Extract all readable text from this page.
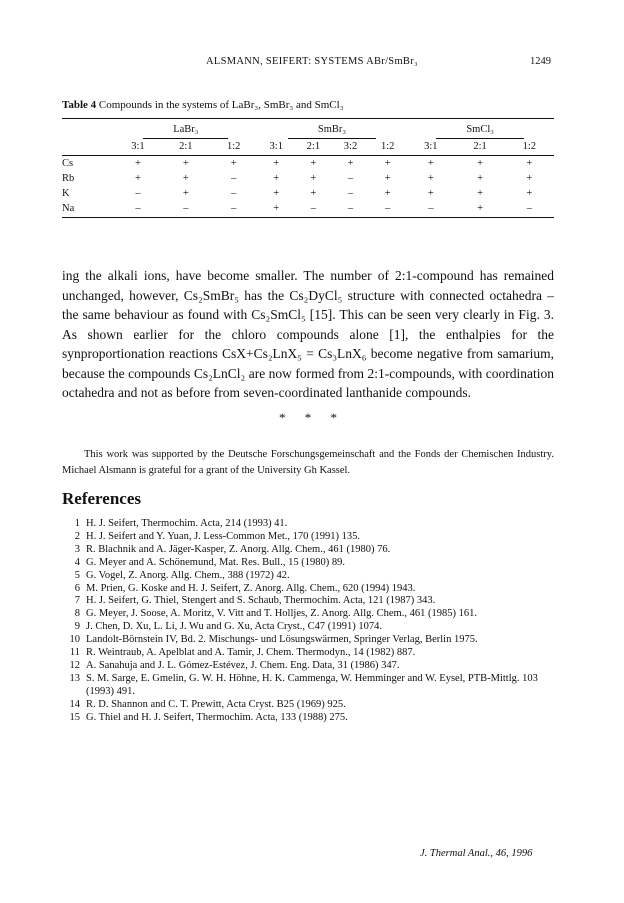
ALSMANN, SEIFERT: SYSTEMS ABr/SmBr₃	1249
Table 4 Compounds in the systems of LaBr₃, SmBr₃ and SmCl₃
	LaBr₃			SmBr₃				SmCl₃		
	3:1	2:1	1:2	3:1	2:1	3:2	1:2	3:1	2:1	1:2
Cs	+	+	+	+	+	+	+	+	+	+
Rb	+	+	–	+	+	–	+	+	+	+
K	–	+	–	+	+	–	+	+	+	+
Na	–	–	–	+	–	–	–	–	+	–
ing the alkali ions, have become smaller. The number of 2:1-compound has remained unchanged, however, Cs₂SmBr₅ has the Cs₂DyCl₅ structure with connected octahedra – the same behaviour as found with Cs₂SmCl₅ [15]. This can be seen very clearly in Fig. 3. As shown earlier for the chloro compounds alone [1], the enthalpies for the synproportionation reactions CsX+Cs₂LnX₅ = Cs₃LnX₆ become negative from samarium, because the compounds Cs₂LnCl₂ are now formed from 2:1-compounds, with coordination octahedra and not as before from seven-coordinated lanthanide compounds.
* * *
This work was supported by the Deutsche Forschungsgemeinschaft and the Fonds der Chemischen Industry. Michael Alsmann is grateful for a grant of the University Gh Kassel.
References
1 H. J. Seifert, Thermochim. Acta, 214 (1993) 41.
2 H. J. Seifert and Y. Yuan, J. Less-Common Met., 170 (1991) 135.
3 R. Blachnik and A. Jäger-Kasper, Z. Anorg. Allg. Chem., 461 (1980) 76.
4 G. Meyer and A. Schönemund, Mat. Res. Bull., 15 (1980) 89.
5 G. Vogel, Z. Anorg. Allg. Chem., 388 (1972) 42.
6 M. Prien, G. Koske and H. J. Seifert, Z. Anorg. Allg. Chem., 620 (1994) 1943.
7 H. J. Seifert, G. Thiel, Stengert and S. Schaub, Thermochim. Acta, 121 (1987) 343.
8 G. Meyer, J. Soose, A. Moritz, V. Vitt and T. Holljes, Z. Anorg. Allg. Chem., 461 (1985) 161.
9 J. Chen, D. Xu, L. Li, J. Wu and G. Xu, Acta Cryst., C47 (1991) 1074.
10 Landolt-Börnstein IV, Bd. 2. Mischungs- und Lösungswärmen, Springer Verlag, Berlin 1975.
11 R. Weintraub, A. Apelblat and A. Tamir, J. Chem. Thermodyn., 14 (1982) 887.
12 A. Sanahuja and J. L. Gómez-Estévez, J. Chem. Eng. Data, 31 (1986) 347.
13 S. M. Sarge, E. Gmelin, G. W. H. Höhne, H. K. Cammenga, W. Hemminger and W. Eysel, PTB-Mittlg. 103 (1993) 491.
14 R. D. Shannon and C. T. Prewitt, Acta Cryst. B25 (1969) 925.
15 G. Thiel and H. J. Seifert, Thermochim. Acta, 133 (1988) 275.
J. Thermal Anal., 46, 1996
